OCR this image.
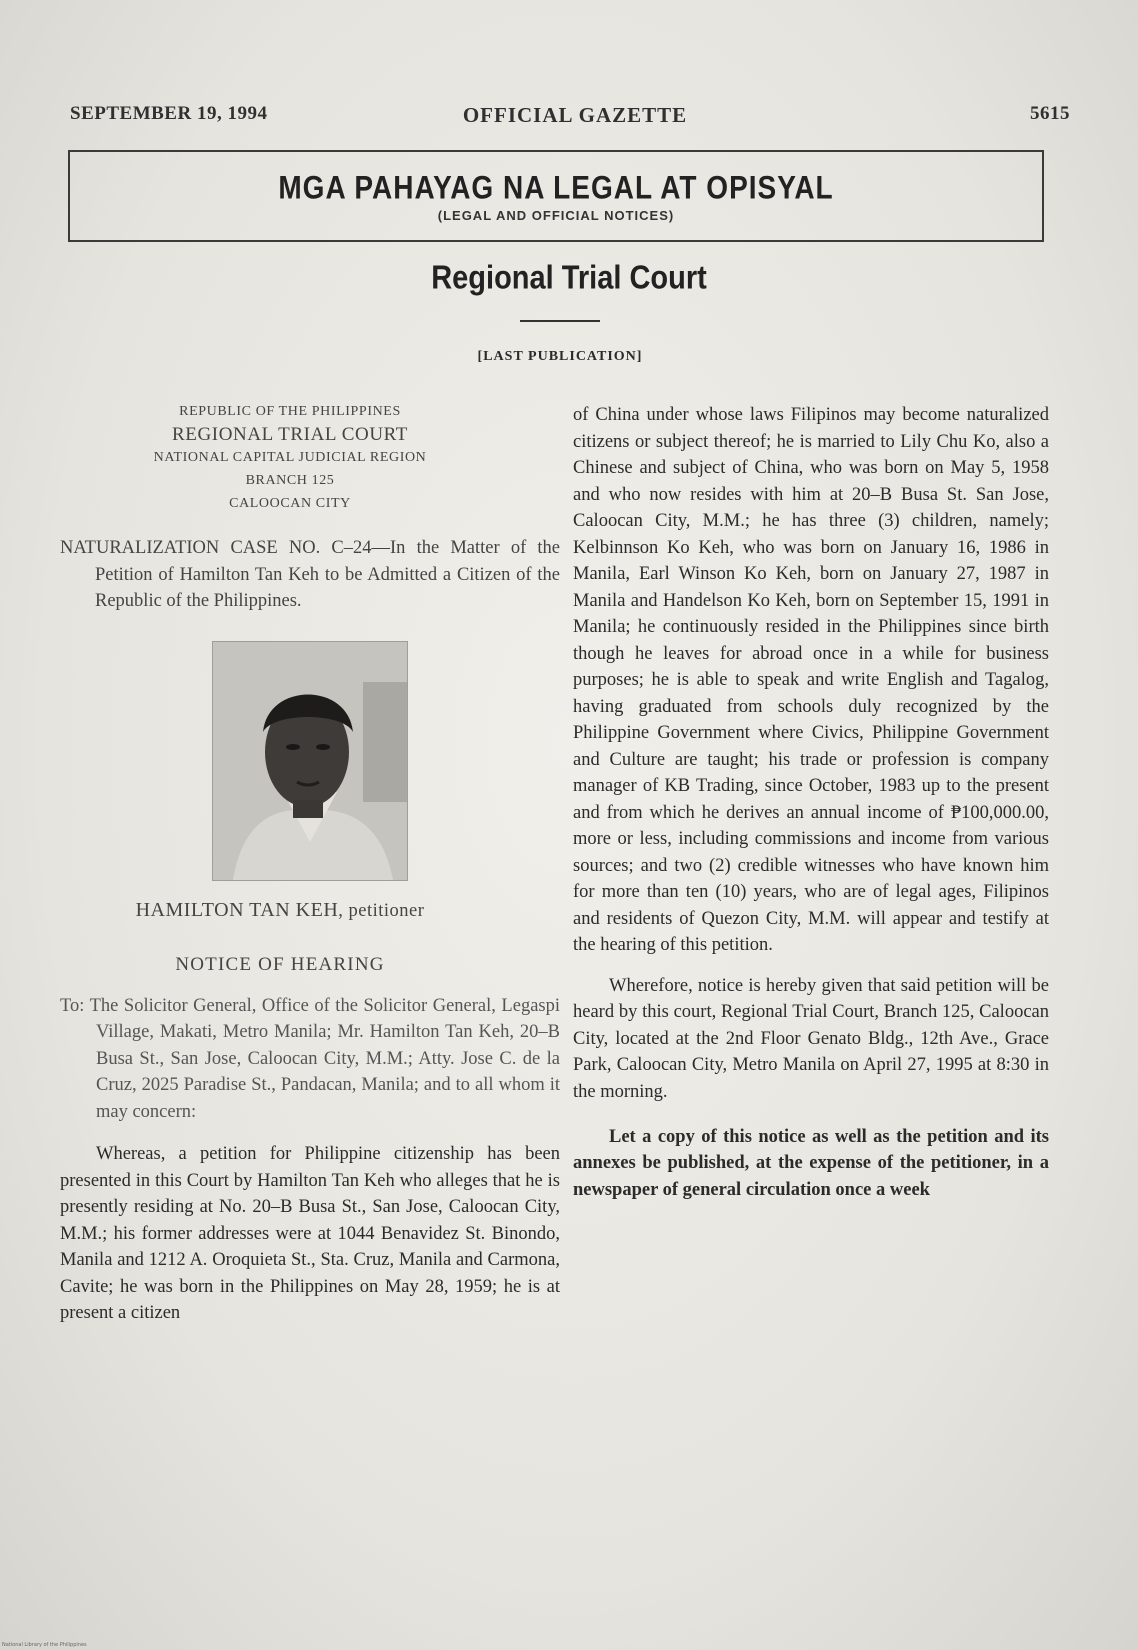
SEPTEMBER 19, 1994	OFFICIAL GAZETTE	5615
MGA PAHAYAG NA LEGAL AT OPISYAL
(LEGAL AND OFFICIAL NOTICES)
Regional Trial Court
[LAST PUBLICATION]
REPUBLIC OF THE PHILIPPINES
REGIONAL TRIAL COURT
NATIONAL CAPITAL JUDICIAL REGION
BRANCH 125
CALOOCAN CITY
NATURALIZATION CASE NO. C–24—In the Matter of the Petition of Hamilton Tan Keh to be Admitted a Citizen of the Republic of the Philippines.
HAMILTON TAN KEH, petitioner
NOTICE OF HEARING
To: The Solicitor General, Office of the Solicitor General, Legaspi Village, Makati, Metro Manila; Mr. Hamilton Tan Keh, 20–B Busa St., San Jose, Caloocan City, M.M.; Atty. Jose C. de la Cruz, 2025 Paradise St., Pandacan, Manila; and to all whom it may concern:
Whereas, a petition for Philippine citizenship has been presented in this Court by Hamilton Tan Keh who alleges that he is presently residing at No. 20–B Busa St., San Jose, Caloocan City, M.M.; his former addresses were at 1044 Benavidez St. Binondo, Manila and 1212 A. Oroquieta St., Sta. Cruz, Manila and Carmona, Cavite; he was born in the Philippines on May 28, 1959; he is at present a citizen

of China under whose laws Filipinos may become naturalized citizens or subject thereof; he is married to Lily Chu Ko, also a Chinese and subject of China, who was born on May 5, 1958 and who now resides with him at 20–B Busa St. San Jose, Caloocan City, M.M.; he has three (3) children, namely; Kelbinnson Ko Keh, who was born on January 16, 1986 in Manila, Earl Winson Ko Keh, born on January 27, 1987 in Manila and Handelson Ko Keh, born on September 15, 1991 in Manila; he continuously resided in the Philippines since birth though he leaves for abroad once in a while for business purposes; he is able to speak and write English and Tagalog, having graduated from schools duly recognized by the Philippine Government where Civics, Philippine Government and Culture are taught; his trade or profession is company manager of KB Trading, since October, 1983 up to the present and from which he derives an annual income of ₱100,000.00, more or less, including commissions and income from various sources; and two (2) credible witnesses who have known him for more than ten (10) years, who are of legal ages, Filipinos and residents of Quezon City, M.M. will appear and testify at the hearing of this petition.

Wherefore, notice is hereby given that said petition will be heard by this court, Regional Trial Court, Branch 125, Caloocan City, located at the 2nd Floor Genato Bldg., 12th Ave., Grace Park, Caloocan City, Metro Manila on April 27, 1995 at 8:30 in the morning.

Let a copy of this notice as well as the petition and its annexes be published, at the expense of the petitioner, in a newspaper of general circulation once a week

National Library of the Philippines
